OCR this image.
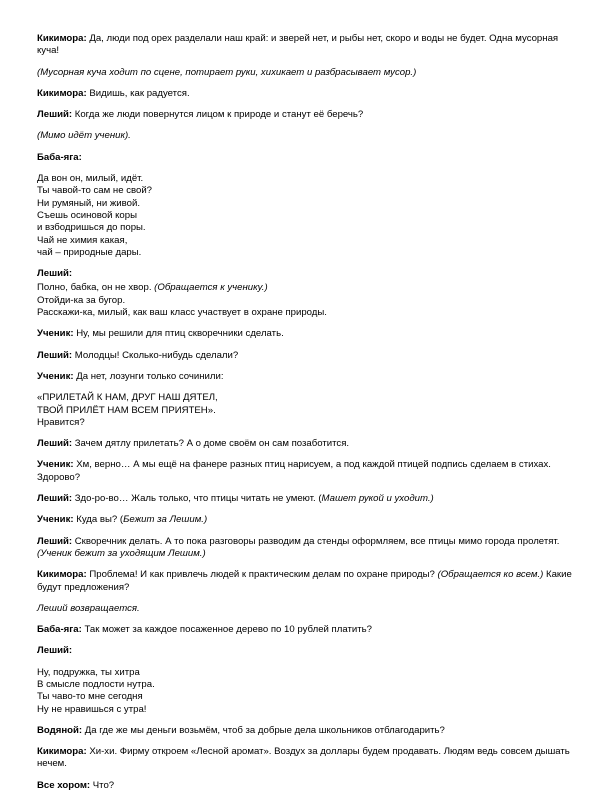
Кикимора: Да, люди под орех разделали наш край: и зверей нет, и рыбы нет, скоро и воды не будет. Одна мусорная куча!
(Мусорная куча ходит по сцене, потирает руки, хихикает и разбрасывает мусор.)
Кикимора: Видишь, как радуется.
Леший: Когда же люди повернутся лицом к природе и станут её беречь?
(Мимо идёт ученик).
Баба-яга:
Да вон он, милый, идёт.
Ты чавой-то сам не свой?
Ни румяный, ни живой.
Съешь осиновой коры
и взбодришься до поры.
Чай не химия какая,
чай – природные дары.
Леший:
Полно, бабка, он не хвор. (Обращается к ученику.)
Отойди-ка за бугор.
Расскажи-ка, милый, как ваш класс участвует в охране природы.
Ученик: Ну, мы решили для птиц скворечники сделать.
Леший: Молодцы! Сколько-нибудь сделали?
Ученик: Да нет, лозунги только сочинили:
«ПРИЛЕТАЙ К НАМ, ДРУГ НАШ ДЯТЕЛ,
ТВОЙ ПРИЛЁТ НАМ ВСЕМ ПРИЯТЕН».
Нравится?
Леший: Зачем дятлу прилетать? А о доме своём он сам позаботится.
Ученик: Хм, верно… А мы ещё на фанере разных птиц нарисуем, а под каждой птицей подпись сделаем в стихах. Здорово?
Леший: Здо-ро-во… Жаль только, что птицы читать не умеют. (Машет рукой и уходит.)
Ученик: Куда вы? (Бежит за Лешим.)
Леший: Скворечник делать. А то пока разговоры разводим да стенды оформляем, все птицы мимо города пролетят. (Ученик бежит за уходящим Лешим.)
Кикимора: Проблема! И как привлечь людей к практическим делам по охране природы? (Обращается ко всем.) Какие будут предложения?
Леший возвращается.
Баба-яга: Так может за каждое посаженное дерево по 10 рублей платить?
Леший:
Ну, подружка, ты хитра
В смысле подлости нутра.
Ты чаво-то мне сегодня
Ну не нравишься с утра!
Водяной: Да где же мы деньги возьмём, чтоб за добрые дела школьников отблагодарить?
Кикимора: Хи-хи. Фирму откроем «Лесной аромат». Воздух за доллары будем продавать. Людям ведь совсем дышать нечем.
Все хором: Что?
